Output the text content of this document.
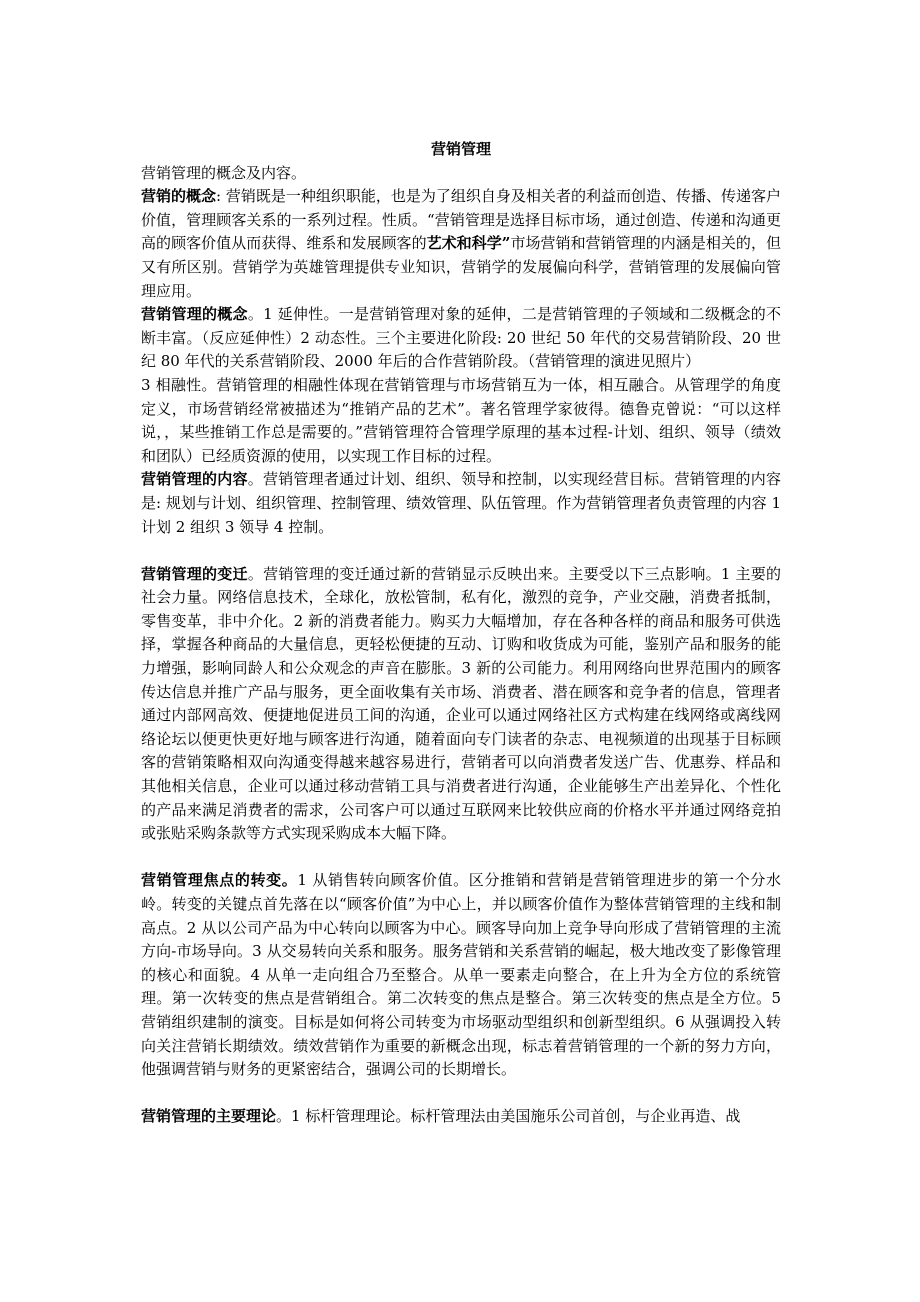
营销管理

营销管理的概念及内容。

营销的概念: 营销既是一种组织职能，也是为了组织自身及相关者的利益而创造、传播、传递客户价值，管理顾客关系的一系列过程。性质。“营销管理是选择目标市场，通过创造、传递和沟通更高的顾客价值从而获得、维系和发展顾客的艺术和科学”市场营销和营销管理的内涵是相关的，但又有所区别。营销学为英雄管理提供专业知识，营销学的发展偏向科学，营销管理的发展偏向管理应用。

营销管理的概念。1 延伸性。一是营销管理对象的延伸，二是营销管理的子领域和二级概念的不断丰富。（反应延伸性）2 动态性。三个主要进化阶段: 20 世纪 50 年代的交易营销阶段、20 世纪 80 年代的关系营销阶段、2000 年后的合作营销阶段。（营销管理的演进见照片）

3 相融性。营销管理的相融性体现在营销管理与市场营销互为一体，相互融合。从管理学的角度定义，市场营销经常被描述为“推销产品的艺术”。著名管理学家彼得。德鲁克曾说：“可以这样说，，某些推销工作总是需要的。”营销管理符合管理学原理的基本过程-计划、组织、领导（绩效和团队）已经质资源的使用，以实现工作目标的过程。

营销管理的内容。营销管理者通过计划、组织、领导和控制，以实现经营目标。营销管理的内容是: 规划与计划、组织管理、控制管理、绩效管理、队伍管理。作为营销管理者负责管理的内容 1 计划 2 组织 3 领导 4 控制。

营销管理的变迁。营销管理的变迁通过新的营销显示反映出来。主要受以下三点影响。1 主要的社会力量。网络信息技术，全球化，放松管制，私有化，激烈的竞争，产业交融，消费者抵制，零售变革，非中介化。2 新的消费者能力。购买力大幅增加，存在各种各样的商品和服务可供选择，掌握各种商品的大量信息，更轻松便捷的互动、订购和收货成为可能，鉴别产品和服务的能力增强，影响同龄人和公众观念的声音在膨胀。3 新的公司能力。利用网络向世界范围内的顾客传达信息并推广产品与服务，更全面收集有关市场、消费者、潜在顾客和竞争者的信息，管理者通过内部网高效、便捷地促进员工间的沟通，企业可以通过网络社区方式构建在线网络或离线网络论坛以便更快更好地与顾客进行沟通，随着面向专门读者的杂志、电视频道的出现基于目标顾客的营销策略相双向沟通变得越来越容易进行，营销者可以向消费者发送广告、优惠券、样品和其他相关信息，企业可以通过移动营销工具与消费者进行沟通，企业能够生产出差异化、个性化的产品来满足消费者的需求，公司客户可以通过互联网来比较供应商的价格水平并通过网络竞拍或张贴采购条款等方式实现采购成本大幅下降。

营销管理焦点的转变。1 从销售转向顾客价值。区分推销和营销是营销管理进步的第一个分水岭。转变的关键点首先落在以“顾客价值”为中心上，并以顾客价值作为整体营销管理的主线和制高点。2 从以公司产品为中心转向以顾客为中心。顾客导向加上竞争导向形成了营销管理的主流方向-市场导向。3 从交易转向关系和服务。服务营销和关系营销的崛起，极大地改变了影像管理的核心和面貌。4 从单一走向组合乃至整合。从单一要素走向整合，在上升为全方位的系统管理。第一次转变的焦点是营销组合。第二次转变的焦点是整合。第三次转变的焦点是全方位。5 营销组织建制的演变。目标是如何将公司转变为市场驱动型组织和创新型组织。6 从强调投入转向关注营销长期绩效。绩效营销作为重要的新概念出现，标志着营销管理的一个新的努力方向，他强调营销与财务的更紧密结合，强调公司的长期增长。

营销管理的主要理论。1 标杆管理理论。标杆管理法由美国施乐公司首创，与企业再造、战
